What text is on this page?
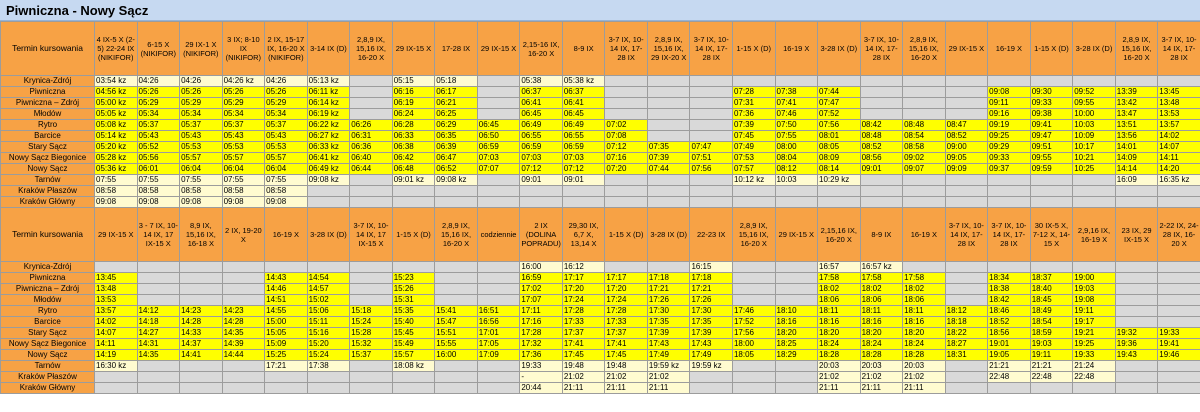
Piwniczna - Nowy Sącz
Termin kursowania	4 IX-5 X (2-5) 22-24 IX (NIKIFOR)	6-15 X (NIKIFOR)	29 IX-1 X (NIKIFOR)	3 IX; 8-10 IX (NIKIFOR)	2 IX, 15-17 IX, 16-20 X (NIKIFOR)	3-14 IX (D)	2,8,9 IX, 15,16 IX, 16-20 X	29 IX-15 X	17-28 IX	29 IX-15 X	2,15-16 IX, 16-20 X	8-9 IX	3-7 IX, 10-14 IX, 17-28 IX	2,8,9 IX, 15,16 IX, 29 IX-20 X	3-7 IX, 10-14 IX, 17-28 IX	1-15 X (D)	16-19 X	3-28 IX (D)	3-7 IX, 10-14 IX, 17-28 IX	2,8,9 IX, 15,16 IX, 16-20 X	29 IX-15 X	16-19 X	1-15 X (D)	3-28 IX (D)	2,8,9 IX, 15,16 IX, 16-20 X	3-7 IX, 10-14 IX, 17-28 IX
Krynica-Zdrój	03:54 kz	04:26	04:26	04:26 kz	04:26	05:13 kz		05:15	05:18		05:38	05:38 kz														
Piwniczna	04:56 kz	05:26	05:26	05:26	05:26	06:11 kz		06:16	06:17		06:37	06:37				07:28	07:38	07:44				09:08	09:30	09:52	13:39	13:45
Piwniczna – Zdrój	05:00 kz	05:29	05:29	05:29	05:29	06:14 kz		06:19	06:21		06:41	06:41				07:31	07:41	07:47				09:11	09:33	09:55	13:42	13:48
Młodów	05:05 kz	05:34	05:34	05:34	05:34	06:19 kz		06:24	06:25		06:45	06:45				07:36	07:46	07:52				09:16	09:38	10:00	13:47	13:53
Rytro	05:08 kz	05:37	05:37	05:37	05:37	06:22 kz	06:26	06:28	06:29	06:45	06:49	06:49	07:02			07:39	07:50	07:56	08:42	08:48	08:47	09:19	09:41	10:03	13:51	13:57
Barcice	05:14 kz	05:43	05:43	05:43	05:43	06:27 kz	06:31	06:33	06:35	06:50	06:55	06:55	07:08			07:45	07:55	08:01	08:48	08:54	08:52	09:25	09:47	10:09	13:56	14:02
Stary Sącz	05:20 kz	05:52	05:53	05:53	05:53	06:33 kz	06:36	06:38	06:39	06:59	06:59	06:59	07:12	07:35	07:47	07:49	08:00	08:05	08:52	08:58	09:00	09:29	09:51	10:17	14:01	14:07
Nowy Sącz Biegonice	05:28 kz	05:56	05:57	05:57	05:57	06:41 kz	06:40	06:42	06:47	07:03	07:03	07:03	07:16	07:39	07:51	07:53	08:04	08:09	08:56	09:02	09:05	09:33	09:55	10:21	14:09	14:11
Nowy Sącz	05:36 kz	06:01	06:04	06:04	06:04	06:49 kz	06:44	06:48	06:52	07:07	07:12	07:12	07:20	07:44	07:56	07:57	08:12	08:14	09:01	09:07	09:09	09:37	09:59	10:25	14:14	14:20
Tarnów	07:55	07:55	07:55	07:55	07:55	09:08 kz		09:01 kz	09:08 kz		09:01	09:01				10:12 kz	10:03	10:29 kz							16:09	16:35 kz
Kraków Płaszów	08:58	08:58	08:58	08:58	08:58																					
Kraków Główny	09:08	09:08	09:08	09:08	09:08																					
Termin kursowania	29 IX-15 X	3 - 7 IX, 10-14 IX, 17 IX-15 X	8,9 IX, 15,16 IX, 16-18 X	2 IX, 19-20 X	16-19 X	3-28 IX (D)	3-7 IX, 10-14 IX, 17 IX-15 X	1-15 X (D)	2,8,9 IX, 15,16 IX, 16-20 X	codziennie	2 IX (DOLINA POPRADU)	29,30 IX, 6,7 X, 13,14 X	1-15 X (D)	3-28 IX (D)	22-23 IX	2,8,9 IX, 15,16 IX, 16-20 X	29 IX-15 X	2,15,16 IX, 16-20 X	8-9 IX	16-19 X	3-7 IX, 10-14 IX, 17-28 IX	3-7 IX, 10-14 IX, 17-28 IX	30 IX-5 X, 7-12 X, 14-15 X	2,9,16 IX, 16-19 X	23 IX, 29 IX-15 X	2-22 IX, 24-28 IX, 16-20 X
Krynica-Zdrój											16:00	16:12			16:15			16:57	16:57 kz							
Piwniczna	13:45				14:43	14:54		15:23			16:59	17:17	17:17	17:18	17:18			17:58	17:58	17:58		18:34	18:37	19:00		
Piwniczna – Zdrój	13:48				14:46	14:57		15:26			17:02	17:20	17:20	17:21	17:21			18:02	18:02	18:02		18:38	18:40	19:03		
Młodów	13:53				14:51	15:02		15:31			17:07	17:24	17:24	17:26	17:26			18:06	18:06	18:06		18:42	18:45	19:08		
Rytro	13:57	14:12	14:23	14:23	14:55	15:06	15:18	15:35	15:41	16:51	17:11	17:28	17:28	17:30	17:30	17:46	18:10	18:11	18:11	18:11	18:12	18:46	18:49	19:11		
Barcice	14:02	14:18	14:28	14:28	15:00	15:11	15:24	15:40	15:47	16:56	17:16	17:33	17:33	17:35	17:35	17:52	18:16	18:16	18:16	18:16	18:18	18:52	18:54	19:17		
Stary Sącz	14:07	14:27	14:33	14:35	15:05	15:16	15:28	15:45	15:51	17:01	17:28	17:37	17:37	17:39	17:39	17:56	18:20	18:20	18:20	18:20	18:22	18:56	18:59	19:21	19:32	19:33
Nowy Sącz Biegonice	14:11	14:31	14:37	14:39	15:09	15:20	15:32	15:49	15:55	17:05	17:32	17:41	17:41	17:43	17:43	18:00	18:25	18:24	18:24	18:24	18:27	19:01	19:03	19:25	19:36	19:41
Nowy Sącz	14:19	14:35	14:41	14:44	15:25	15:24	15:37	15:57	16:00	17:09	17:36	17:45	17:45	17:49	17:49	18:05	18:29	18:28	18:28	18:28	18:31	19:05	19:11	19:33	19:43	19:46
Tarnów	16:30 kz				17:21	17:38		18:08 kz			19:33	19:48	19:48	19:59 kz	19:59 kz			20:03	20:03	20:03		21:21	21:21	21:24		
Kraków Płaszów											-	21:02	21:02	21:02				21:02	21:02	21:02		22:48	22:48	22:48		
Kraków Główny											20:44	21:11	21:11	21:11				21:11	21:11	21:11						
